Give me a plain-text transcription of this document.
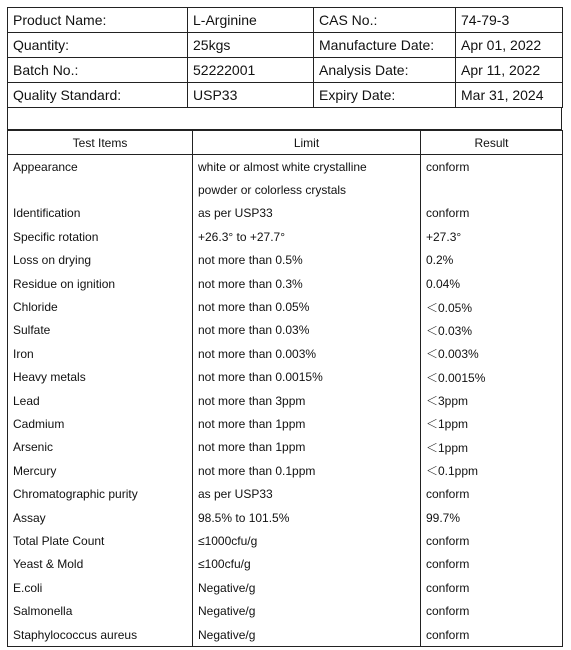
Product Name:	L-Arginine	CAS No.:	74-79-3
Quantity:	25kgs	Manufacture Date:	Apr 01, 2022
Batch No.:	52222001	Analysis Date:	Apr 11, 2022
Quality Standard:	USP33	Expiry Date:	Mar 31, 2024
Test Items	Limit	Result
Appearance	white or almost white crystalline	conform
	powder or colorless crystals	
Identification	as per USP33	conform
Specific rotation	+26.3° to +27.7°	+27.3°
Loss on drying	not more than 0.5%	0.2%
Residue on ignition	not more than 0.3%	0.04%
Chloride	not more than 0.05%	＜0.05%
Sulfate	not more than 0.03%	＜0.03%
Iron	not more than 0.003%	＜0.003%
Heavy metals	not more than 0.0015%	＜0.0015%
Lead	not more than 3ppm	＜3ppm
Cadmium	not more than 1ppm	＜1ppm
Arsenic	not more than 1ppm	＜1ppm
Mercury	not more than 0.1ppm	＜0.1ppm
Chromatographic purity	as per USP33	conform
Assay	98.5% to 101.5%	99.7%
Total Plate Count	≤1000cfu/g	conform
Yeast & Mold	≤100cfu/g	conform
E.coli	Negative/g	conform
Salmonella	Negative/g	conform
Staphylococcus aureus	Negative/g	conform
